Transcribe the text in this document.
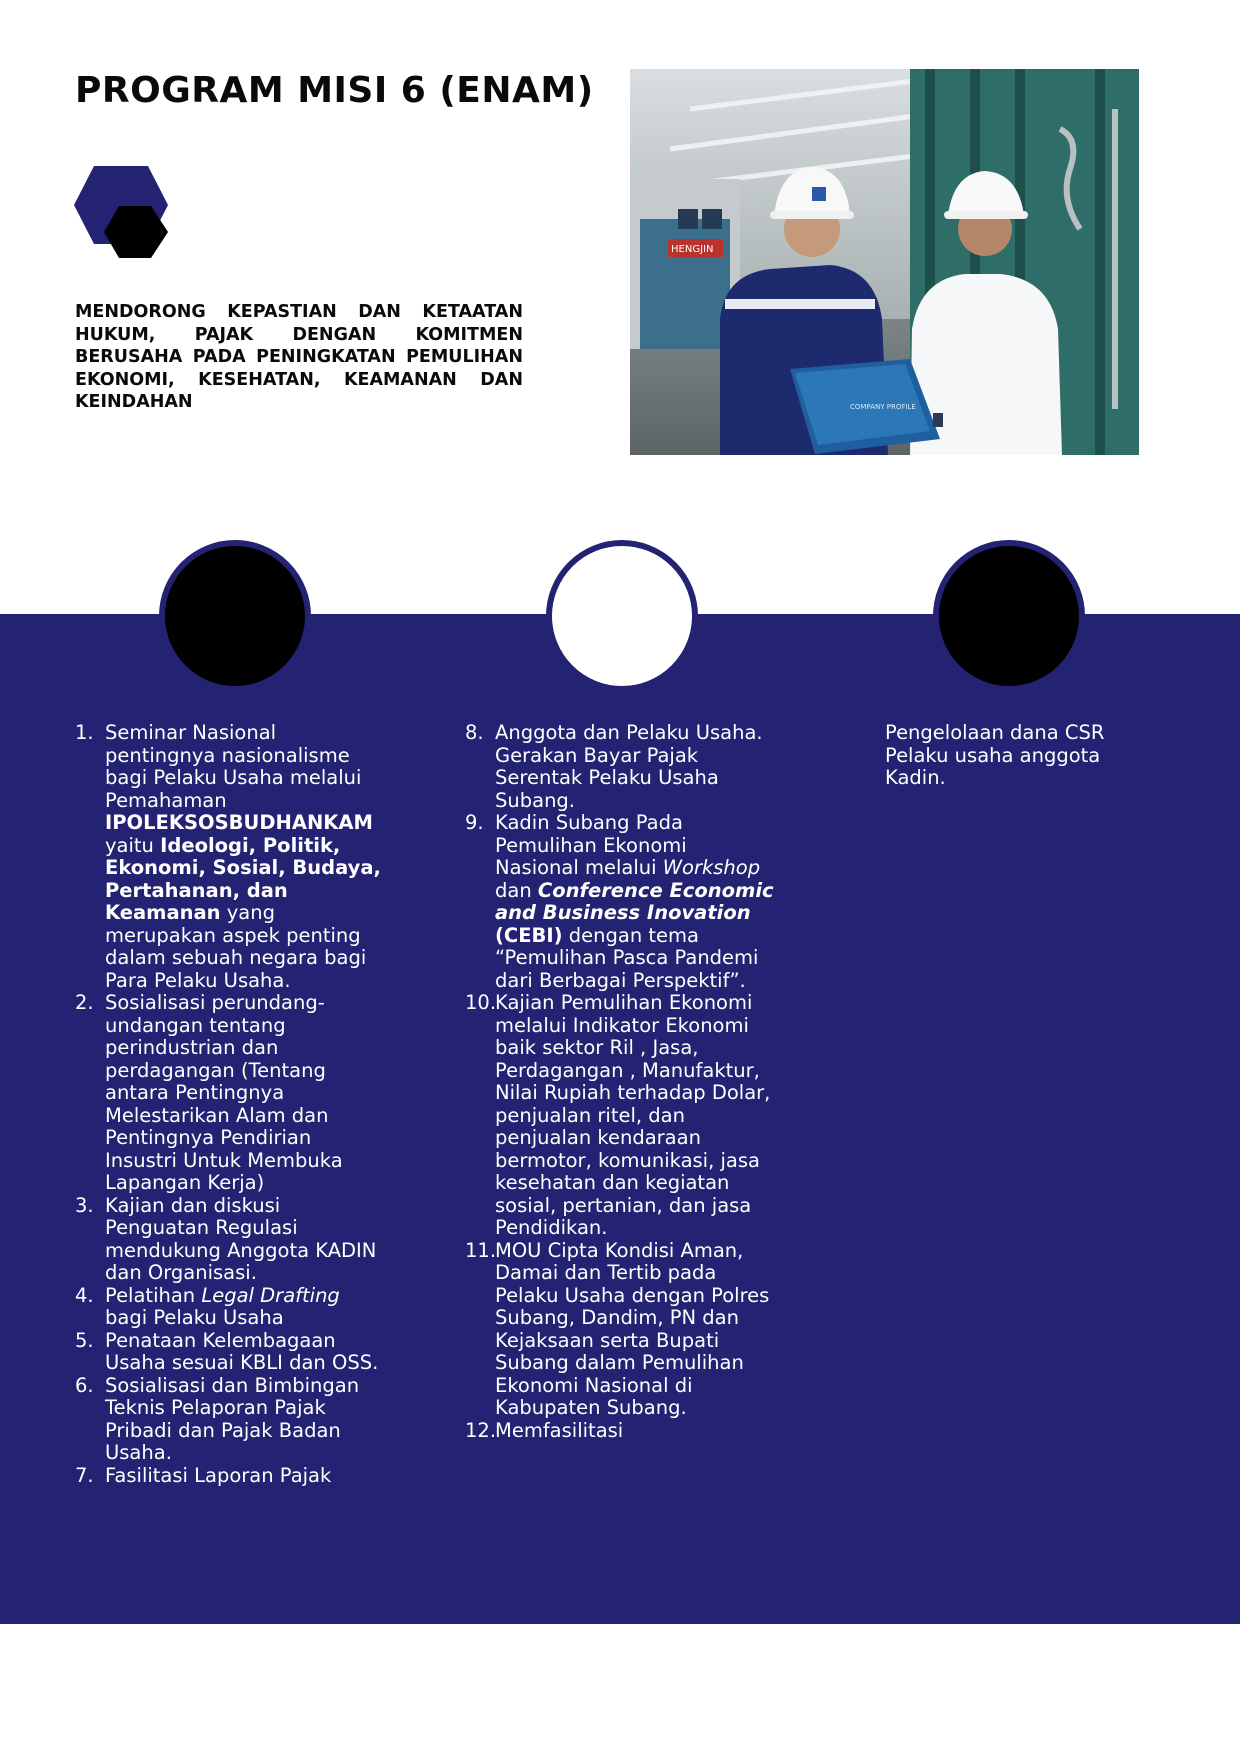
PROGRAM MISI 6 (ENAM)

MENDORONG KEPASTIAN DAN KETAATAN HUKUM, PAJAK DENGAN KOMITMEN BERUSAHA PADA PENINGKATAN PEMULIHAN EKONOMI, KESEHATAN, KEAMANAN DAN KEINDAHAN

HENGJIN
COMPANY PROFILE
1. Seminar Nasional pentingnya nasionalisme bagi Pelaku Usaha melalui Pemahaman IPOLEKSOSBUDHANKAM yaitu Ideologi, Politik, Ekonomi, Sosial, Budaya, Pertahanan, dan Keamanan yang merupakan aspek penting dalam sebuah negara bagi Para Pelaku Usaha.
2. Sosialisasi perundang-undangan tentang perindustrian dan perdagangan (Tentang antara Pentingnya Melestarikan Alam dan Pentingnya Pendirian Insustri Untuk Membuka Lapangan Kerja)
3. Kajian dan diskusi Penguatan Regulasi mendukung Anggota KADIN dan Organisasi.
4. Pelatihan Legal Drafting bagi Pelaku Usaha
5. Penataan Kelembagaan Usaha sesuai KBLI dan OSS.
6. Sosialisasi dan Bimbingan Teknis Pelaporan Pajak Pribadi dan Pajak Badan Usaha.
7. Fasilitasi Laporan Pajak
8. Anggota dan Pelaku Usaha.

Gerakan Bayar Pajak Serentak Pelaku Usaha Subang.

9. Kadin Subang Pada Pemulihan Ekonomi Nasional melalui Workshop dan Conference Economic and Business Inovation (CEBI) dengan tema “Pemulihan Pasca Pandemi dari Berbagai Perspektif”.
10.
Kajian Pemulihan Ekonomi melalui Indikator Ekonomi baik sektor Ril , Jasa, Perdagangan , Manufaktur, Nilai Rupiah terhadap Dolar, penjualan ritel, dan penjualan kendaraan bermotor, komunikasi, jasa kesehatan dan kegiatan sosial, pertanian, dan jasa Pendidikan.
11.
MOU Cipta Kondisi Aman, Damai dan Tertib pada Pelaku Usaha dengan Polres Subang, Dandim, PN dan Kejaksaan serta Bupati Subang dalam Pemulihan Ekonomi Nasional di Kabupaten Subang.
12.
Memfasilitasi
Pengelolaan dana CSR Pelaku usaha anggota Kadin.
